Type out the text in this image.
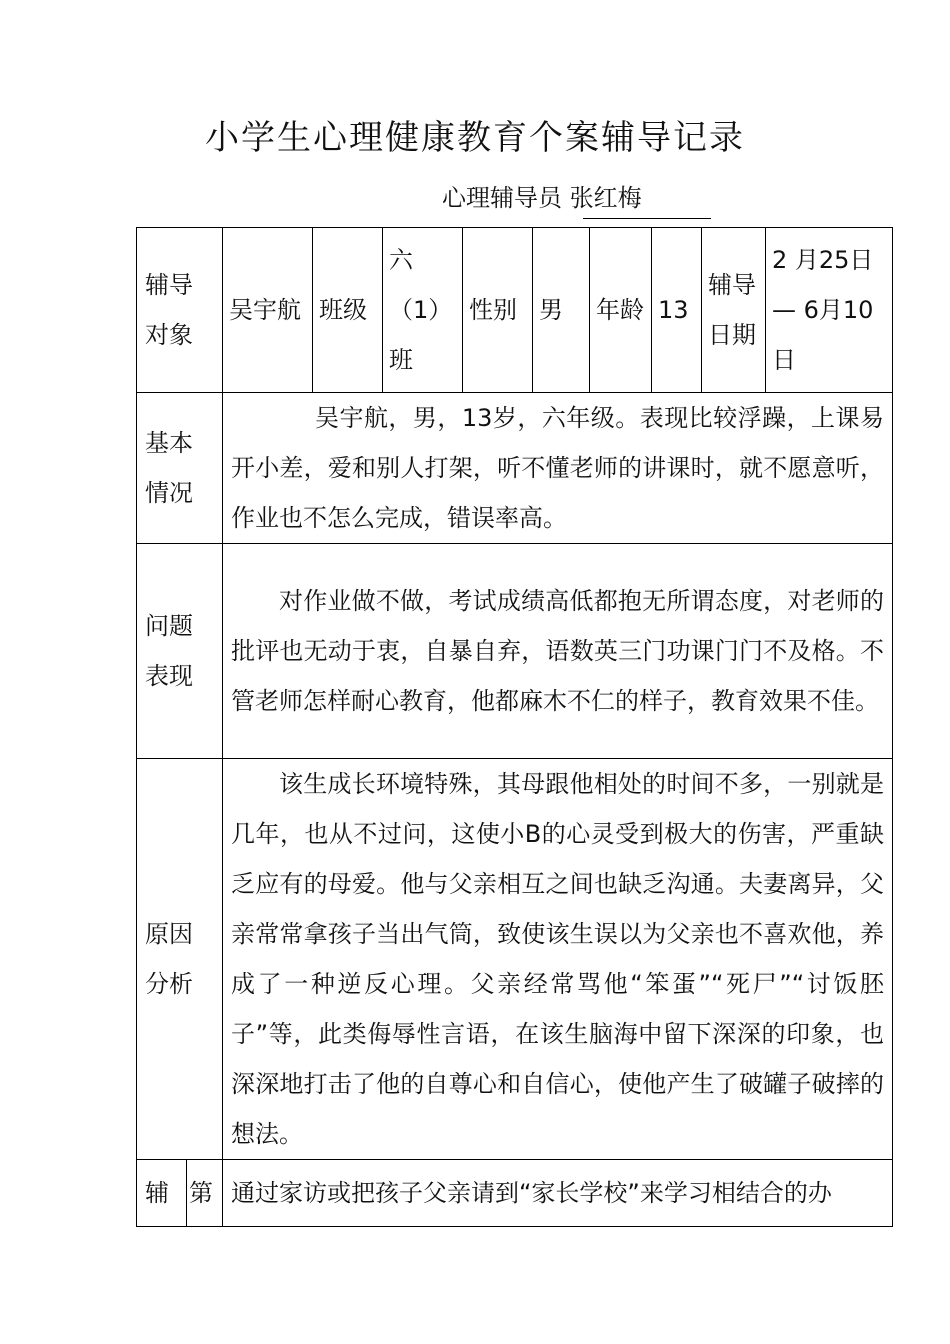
小学生心理健康教育个案辅导记录
心理辅导员 张红梅
辅导对象		吴宇航	班级	六（1）班	性别	男	年龄	13	辅导日期	2 月25日— 6月10日
基本情况		吴宇航，男，13岁，六年级。表现比较浮躁，上课易开小差，爱和别人打架，听不懂老师的讲课时，就不愿意听，作业也不怎么完成，错误率高。								
问题表现		对作业做不做，考试成绩高低都抱无所谓态度，对老师的批评也无动于衷，自暴自弃，语数英三门功课门门不及格。不管老师怎样耐心教育，他都麻木不仁的样子，教育效果不佳。								
原因分析		该生成长环境特殊，其母跟他相处的时间不多，一别就是几年，也从不过问，这使小B的心灵受到极大的伤害，严重缺乏应有的母爱。他与父亲相互之间也缺乏沟通。夫妻离异，父亲常常拿孩子当出气筒，致使该生误以为父亲也不喜欢他，养成了一种逆反心理。父亲经常骂他“笨蛋”“死尸”“讨饭胚子”等，此类侮辱性言语，在该生脑海中留下深深的印象，也深深地打击了他的自尊心和自信心，使他产生了破罐子破摔的想法。								
辅	第	通过家访或把孩子父亲请到“家长学校”来学习相结合的办								
